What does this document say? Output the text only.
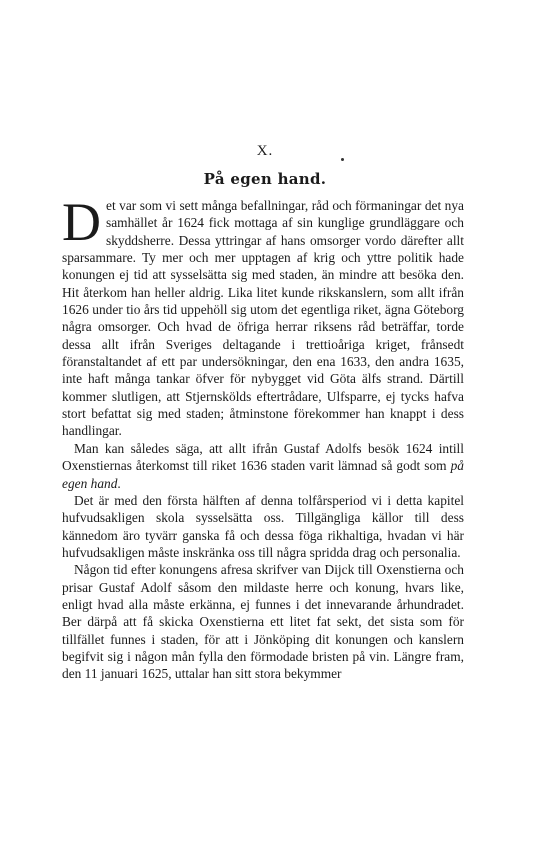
X.
På egen hand.

Det var som vi sett många befallningar, råd och förmaningar det nya samhället år 1624 fick mottaga af sin kunglige grundläggare och skyddsherre. Dessa yttringar af hans omsorger vordo därefter allt sparsammare. Ty mer och mer upptagen af krig och yttre politik hade konungen ej tid att sysselsätta sig med staden, än mindre att besöka den. Hit återkom han heller aldrig. Lika litet kunde rikskanslern, som allt ifrån 1626 under tio års tid uppehöll sig utom det egentliga riket, ägna Göteborg några omsorger. Och hvad de öfriga herrar riksens råd beträffar, torde dessa allt ifrån Sveriges deltagande i trettioåriga kriget, frånsedt föranstaltandet af ett par undersökningar, den ena 1633, den andra 1635, inte haft många tankar öfver för nybygget vid Göta älfs strand. Därtill kommer slutligen, att Stjernskölds eftertrådare, Ulfsparre, ej tycks hafva stort befattat sig med staden; åtminstone förekommer han knappt i dess handlingar.

Man kan således säga, att allt ifrån Gustaf Adolfs besök 1624 intill Oxenstiernas återkomst till riket 1636 staden varit lämnad så godt som på egen hand.

Det är med den första hälften af denna tolfårsperiod vi i detta kapitel hufvudsakligen skola sysselsätta oss. Tillgängliga källor till dess kännedom äro tyvärr ganska få och dessa föga rikhaltiga, hvadan vi här hufvudsakligen måste inskränka oss till några spridda drag och personalia.

Någon tid efter konungens afresa skrifver van Dijck till Oxenstierna och prisar Gustaf Adolf såsom den mildaste herre och konung, hvars like, enligt hvad alla måste erkänna, ej funnes i det innevarande århundradet. Ber därpå att få skicka Oxenstierna ett litet fat sekt, det sista som för tillfället funnes i staden, för att i Jönköping dit konungen och kanslern begifvit sig i någon mån fylla den förmodade bristen på vin. Längre fram, den 11 januari 1625, uttalar han sitt stora bekymmer
